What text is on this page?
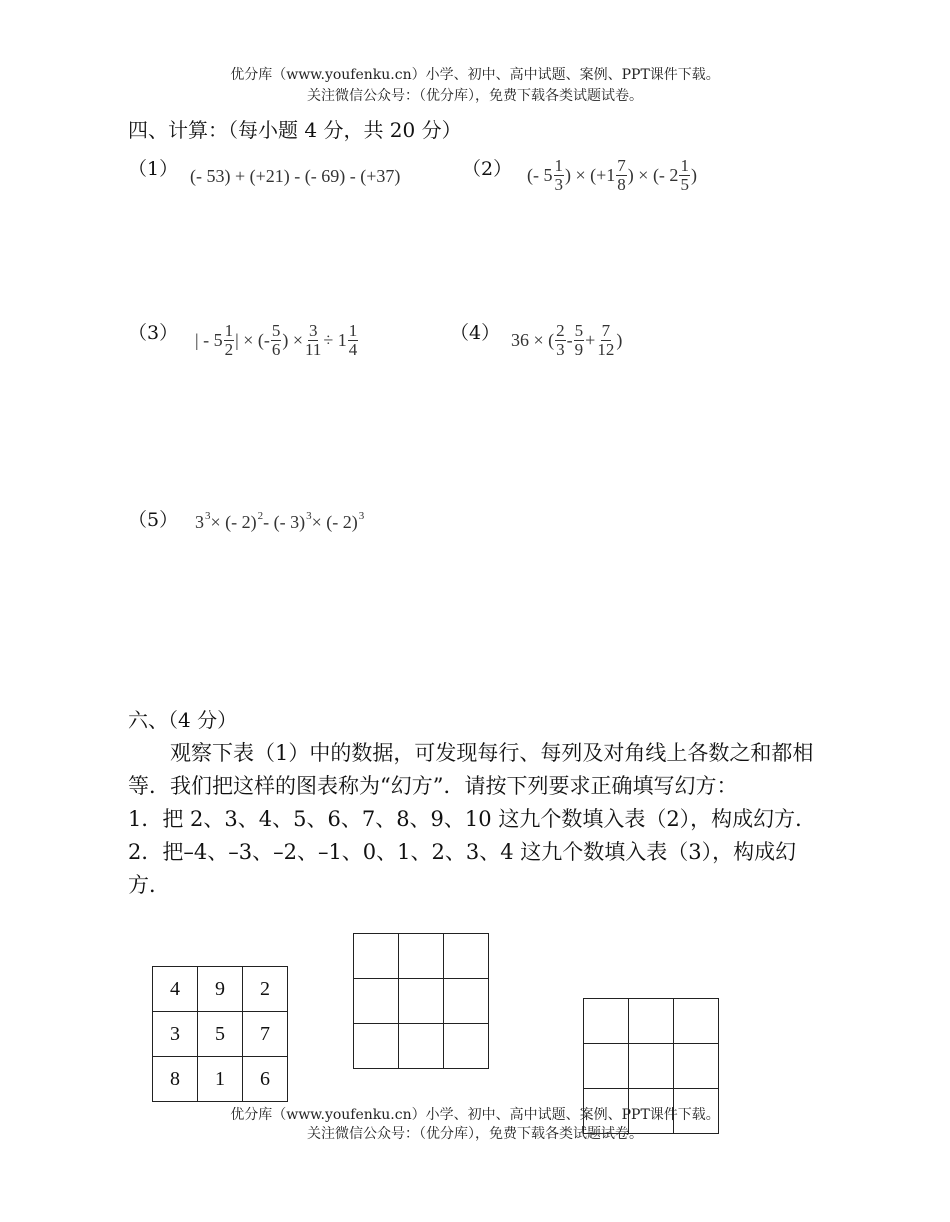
优分库（www.youfenku.cn）小学、初中、高中试题、案例、PPT课件下载。
关注微信公众号：（优分库），免费下载各类试题试卷。
四、计算：（每小题 4 分，共 20 分）
（1） (- 53) + (+21) - (- 69) - (+37)	（2） (- $5 \frac{1}{3}$ ) × ($+1 \frac{7}{8}$ ) × (- $2 \frac{1}{5}$ )
（3） | - $5 \frac{1}{2}$ | × (- $\frac{5}{6}$ ) × $\frac{3}{11} \div 1 \frac{1}{4}$	（4） 36 × ( $\frac{2}{3} - \frac{5}{9} + \frac{7}{12}$ )
（5） 3 3 × (- 2) 2 - (- 3) 3 × (- 2) 3
六、（4 分）
观察下表（1）中的数据，可发现每行、每列及对角线上各数之和都相等．我们把这样的图表称为“幻方”．请按下列要求正确填写幻方：
1．把 2、3、4、5、6、7、8、9、10 这九个数填入表（2），构成幻方．
2．把–4、–3、–2、–1、0、1、2、3、4 这九个数填入表（3），构成幻方．
4	9	2
3	5	7
8	1	6

优分库（www.youfenku.cn）小学、初中、高中试题、案例、PPT课件下载。
关注微信公众号：（优分库），免费下载各类试题试卷。
